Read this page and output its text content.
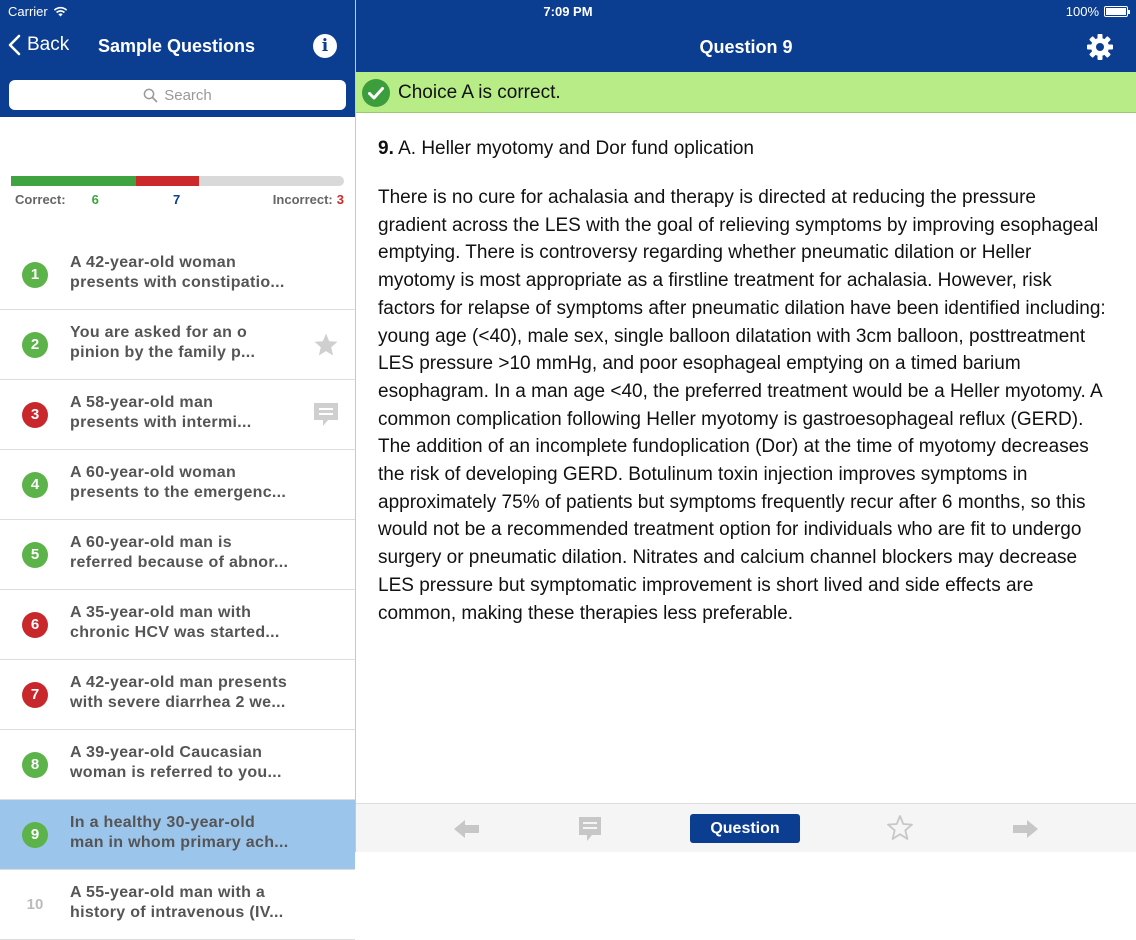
Carrier	7:09 PM	100%
Back Sample Questions	i	Question 9
Search
Correct: 6	7	Incorrect: 3
1
A 42-year-old woman
presents with constipatio...
2
You are asked for an o
pinion by the family p...
3
A 58-year-old man
presents with intermi...
4
A 60-year-old woman
presents to the emergenc...
5
A 60-year-old man is
referred because of abnor...
6
A 35-year-old man with
chronic HCV was started...
7
A 42-year-old man presents
with severe diarrhea 2 we...
8
A 39-year-old Caucasian
woman is referred to you...
9
In a healthy 30-year-old
man in whom primary ach...
10
A 55-year-old man with a
history of intravenous (IV...
Choice A is correct.
9. A. Heller myotomy and Dor fund oplication
There is no cure for achalasia and therapy is directed at reducing the pressure gradient across the LES with the goal of relieving symptoms by improving esophageal emptying. There is controversy regarding whether pneumatic dilation or Heller myotomy is most appropriate as a firstline treatment for achalasia. However, risk factors for relapse of symptoms after pneumatic dilation have been identified including: young age (<40), male sex, single balloon dilatation with 3cm balloon, posttreatment LES pressure >10 mmHg, and poor esophageal emptying on a timed barium esophagram. In a man age <40, the preferred treatment would be a Heller myotomy. A common complication following Heller myotomy is gastroesophageal reflux (GERD). The addition of an incomplete fundoplication (Dor) at the time of myotomy decreases the risk of developing GERD. Botulinum toxin injection improves symptoms in approximately 75% of patients but symptoms frequently recur after 6 months, so this would not be a recommended treatment option for individuals who are fit to undergo surgery or pneumatic dilation. Nitrates and calcium channel blockers may decrease LES pressure but symptomatic improvement is short lived and side effects are common, making these therapies less preferable.
Question
